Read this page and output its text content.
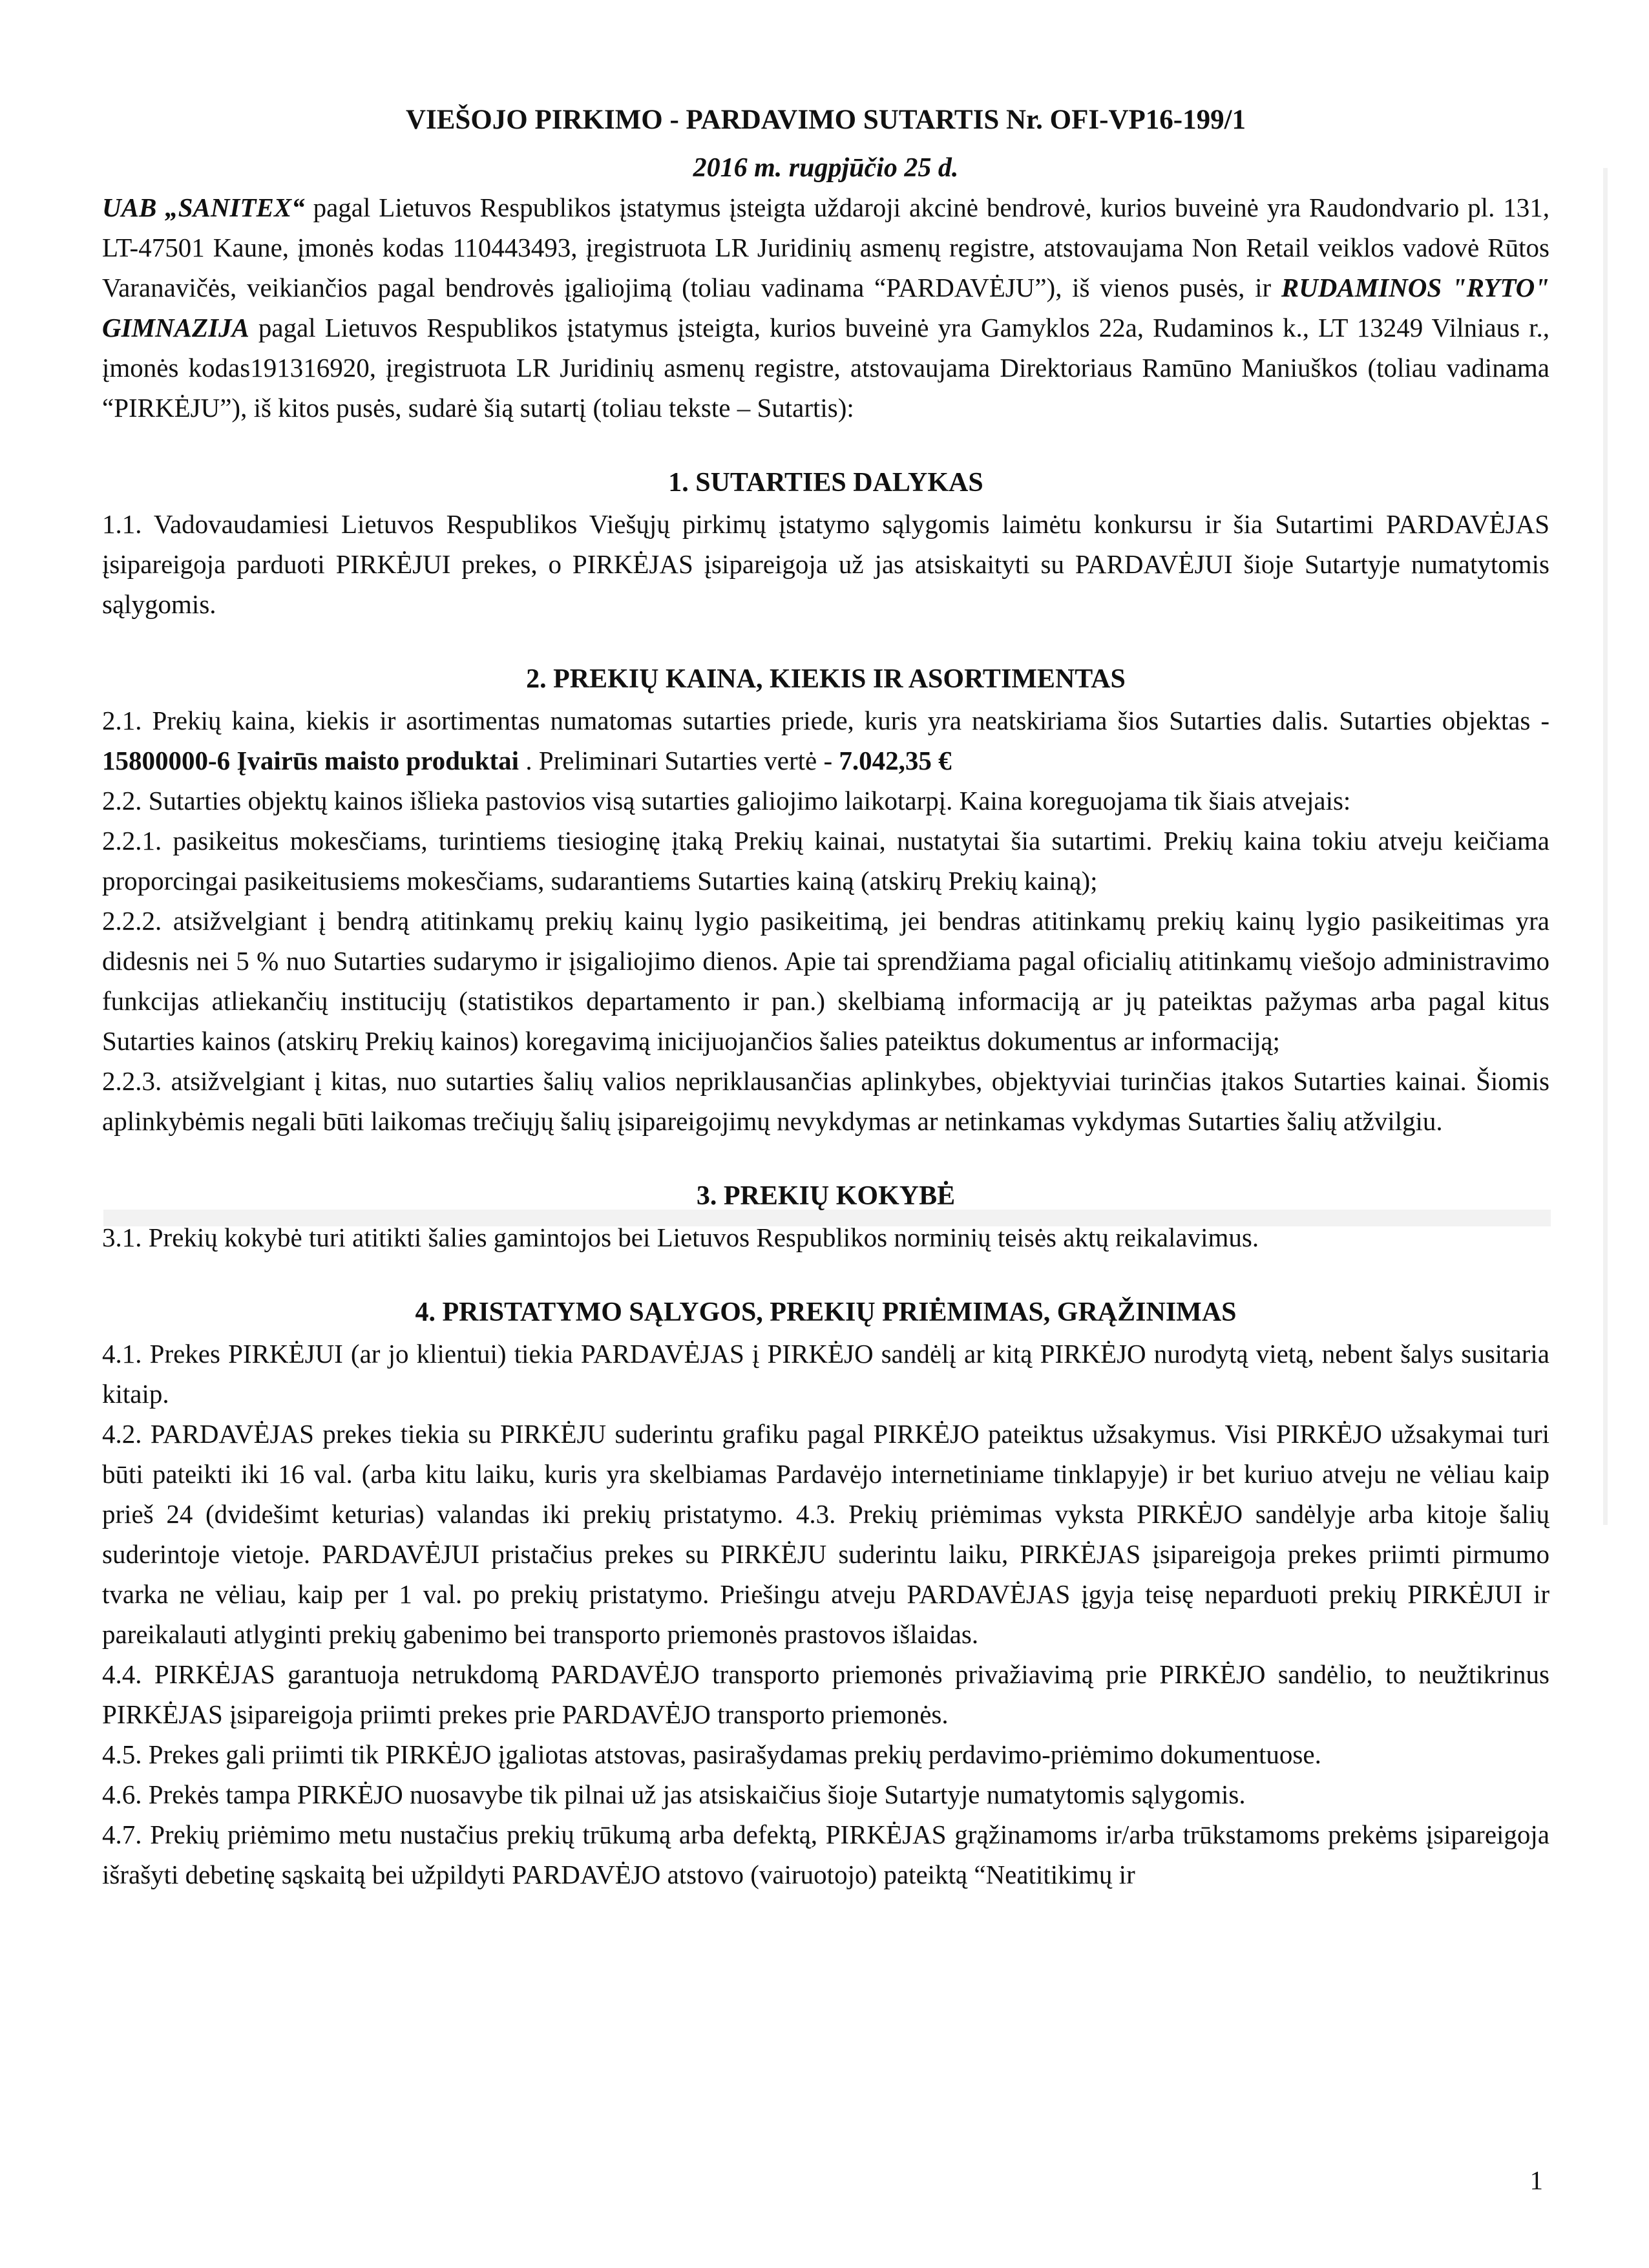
VIEŠOJO PIRKIMO - PARDAVIMO SUTARTIS Nr. OFI-VP16-199/1

2016 m. rugpjūčio 25 d.

UAB „SANITEX“ pagal Lietuvos Respublikos įstatymus įsteigta uždaroji akcinė bendrovė, kurios buveinė yra Raudondvario pl. 131, LT-47501 Kaune, įmonės kodas 110443493, įregistruota LR Juridinių asmenų registre, atstovaujama Non Retail veiklos vadovė Rūtos Varanavičės, veikiančios pagal bendrovės įgaliojimą (toliau vadinama “PARDAVĖJU”), iš vienos pusės, ir RUDAMINOS "RYTO" GIMNAZIJA pagal Lietuvos Respublikos įstatymus įsteigta, kurios buveinė yra Gamyklos 22a, Rudaminos k., LT 13249 Vilniaus r., įmonės kodas191316920, įregistruota LR Juridinių asmenų registre, atstovaujama Direktoriaus Ramūno Maniuškos (toliau vadinama “PIRKĖJU”), iš kitos pusės, sudarė šią sutartį (toliau tekste – Sutartis):

1. SUTARTIES DALYKAS

1.1. Vadovaudamiesi Lietuvos Respublikos Viešųjų pirkimų įstatymo sąlygomis laimėtu konkursu ir šia Sutartimi PARDAVĖJAS įsipareigoja parduoti PIRKĖJUI prekes, o PIRKĖJAS įsipareigoja už jas atsiskaityti su PARDAVĖJUI šioje Sutartyje numatytomis sąlygomis.

2. PREKIŲ KAINA, KIEKIS IR ASORTIMENTAS

2.1. Prekių kaina, kiekis ir asortimentas numatomas sutarties priede, kuris yra neatskiriama šios Sutarties dalis. Sutarties objektas - 15800000-6 Įvairūs maisto produktai . Preliminari Sutarties vertė - 7.042,35 €

2.2. Sutarties objektų kainos išlieka pastovios visą sutarties galiojimo laikotarpį. Kaina koreguojama tik šiais atvejais:

2.2.1. pasikeitus mokesčiams, turintiems tiesioginę įtaką Prekių kainai, nustatytai šia sutartimi. Prekių kaina tokiu atveju keičiama proporcingai pasikeitusiems mokesčiams, sudarantiems Sutarties kainą (atskirų Prekių kainą);

2.2.2. atsižvelgiant į bendrą atitinkamų prekių kainų lygio pasikeitimą, jei bendras atitinkamų prekių kainų lygio pasikeitimas yra didesnis nei 5 % nuo Sutarties sudarymo ir įsigaliojimo dienos. Apie tai sprendžiama pagal oficialių atitinkamų viešojo administravimo funkcijas atliekančių institucijų (statistikos departamento ir pan.) skelbiamą informaciją ar jų pateiktas pažymas arba pagal kitus Sutarties kainos (atskirų Prekių kainos) koregavimą inicijuojančios šalies pateiktus dokumentus ar informaciją;

2.2.3. atsižvelgiant į kitas, nuo sutarties šalių valios nepriklausančias aplinkybes, objektyviai turinčias įtakos Sutarties kainai. Šiomis aplinkybėmis negali būti laikomas trečiųjų šalių įsipareigojimų nevykdymas ar netinkamas vykdymas Sutarties šalių atžvilgiu.

3. PREKIŲ KOKYBĖ

3.1. Prekių kokybė turi atitikti šalies gamintojos bei Lietuvos Respublikos norminių teisės aktų reikalavimus.

4. PRISTATYMO SĄLYGOS, PREKIŲ PRIĖMIMAS, GRĄŽINIMAS

4.1. Prekes PIRKĖJUI (ar jo klientui) tiekia PARDAVĖJAS į PIRKĖJO sandėlį ar kitą PIRKĖJO nurodytą vietą, nebent šalys susitaria kitaip.

4.2. PARDAVĖJAS prekes tiekia su PIRKĖJU suderintu grafiku pagal PIRKĖJO pateiktus užsakymus. Visi PIRKĖJO užsakymai turi būti pateikti iki 16 val. (arba kitu laiku, kuris yra skelbiamas Pardavėjo internetiniame tinklapyje) ir bet kuriuo atveju ne vėliau kaip prieš 24 (dvidešimt keturias) valandas iki prekių pristatymo. 4.3. Prekių priėmimas vyksta PIRKĖJO sandėlyje arba kitoje šalių suderintoje vietoje. PARDAVĖJUI pristačius prekes su PIRKĖJU suderintu laiku, PIRKĖJAS įsipareigoja prekes priimti pirmumo tvarka ne vėliau, kaip per 1 val. po prekių pristatymo. Priešingu atveju PARDAVĖJAS įgyja teisę neparduoti prekių PIRKĖJUI ir pareikalauti atlyginti prekių gabenimo bei transporto priemonės prastovos išlaidas.

4.4. PIRKĖJAS garantuoja netrukdomą PARDAVĖJO transporto priemonės privažiavimą prie PIRKĖJO sandėlio, to neužtikrinus PIRKĖJAS įsipareigoja priimti prekes prie PARDAVĖJO transporto priemonės.

4.5. Prekes gali priimti tik PIRKĖJO įgaliotas atstovas, pasirašydamas prekių perdavimo-priėmimo dokumentuose.

4.6. Prekės tampa PIRKĖJO nuosavybe tik pilnai už jas atsiskaičius šioje Sutartyje numatytomis sąlygomis.

4.7. Prekių priėmimo metu nustačius prekių trūkumą arba defektą, PIRKĖJAS grąžinamoms ir/arba trūkstamoms prekėms įsipareigoja išrašyti debetinę sąskaitą bei užpildyti PARDAVĖJO atstovo (vairuotojo) pateiktą “Neatitikimų ir

1
